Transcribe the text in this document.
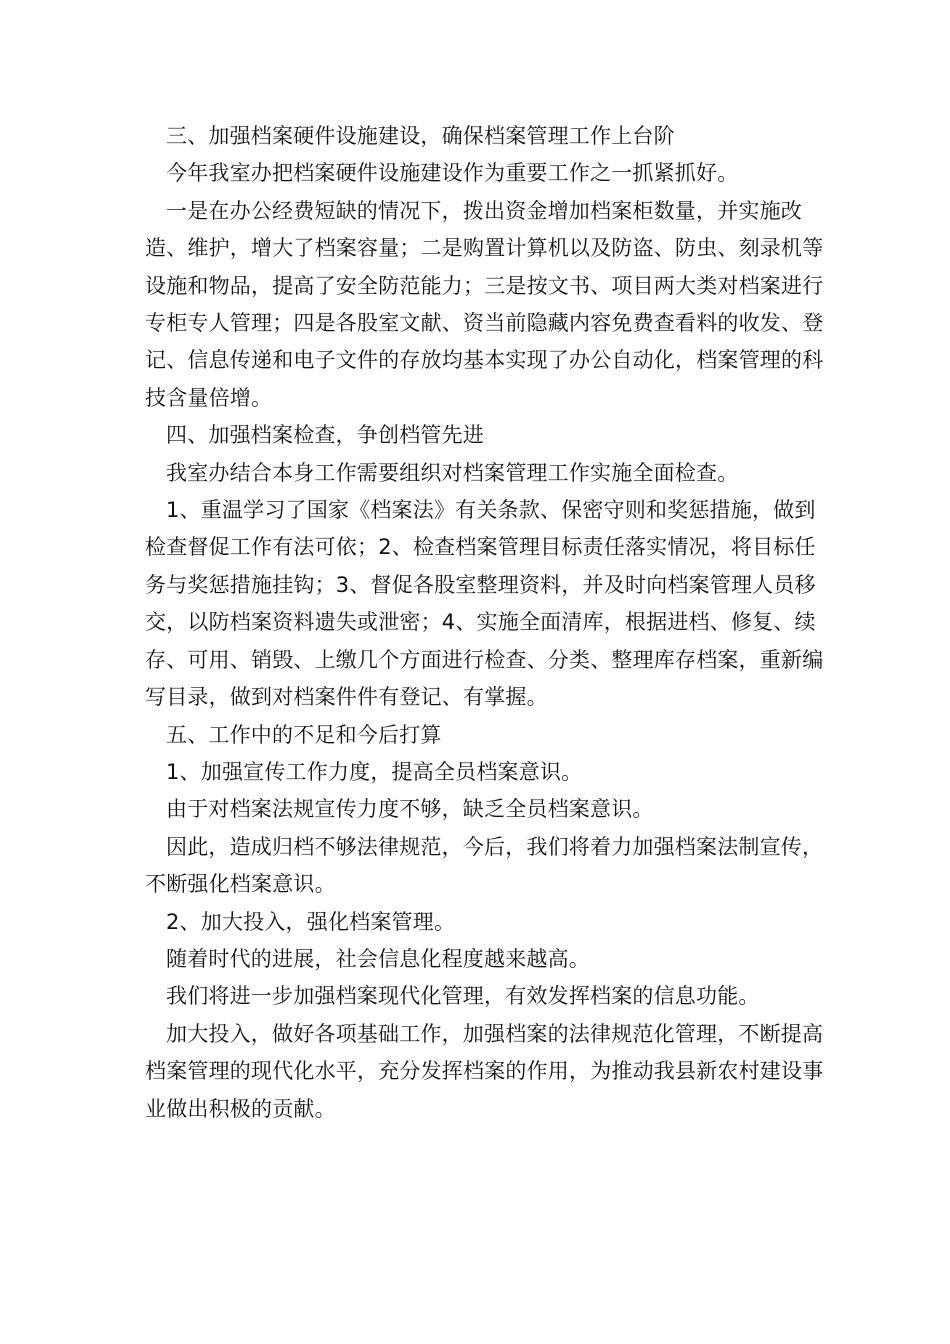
三、加强档案硬件设施建设，确保档案管理工作上台阶

今年我室办把档案硬件设施建设作为重要工作之一抓紧抓好。

一是在办公经费短缺的情况下，拨出资金增加档案柜数量，并实施改造、维护，增大了档案容量；二是购置计算机以及防盗、防虫、刻录机等设施和物品，提高了安全防范能力；三是按文书、项目两大类对档案进行专柜专人管理；四是各股室文献、资当前隐藏内容免费查看料的收发、登记、信息传递和电子文件的存放均基本实现了办公自动化，档案管理的科技含量倍增。

四、加强档案检查，争创档管先进

我室办结合本身工作需要组织对档案管理工作实施全面检查。

1、重温学习了国家《档案法》有关条款、保密守则和奖惩措施，做到检查督促工作有法可依；2、检查档案管理目标责任落实情况，将目标任务与奖惩措施挂钩；3、督促各股室整理资料，并及时向档案管理人员移交，以防档案资料遗失或泄密；4、实施全面清库，根据进档、修复、续存、可用、销毁、上缴几个方面进行检查、分类、整理库存档案，重新编写目录，做到对档案件件有登记、有掌握。

五、工作中的不足和今后打算

1、加强宣传工作力度，提高全员档案意识。

由于对档案法规宣传力度不够，缺乏全员档案意识。

因此，造成归档不够法律规范，今后，我们将着力加强档案法制宣传，不断强化档案意识。

2、加大投入，强化档案管理。

随着时代的进展，社会信息化程度越来越高。

我们将进一步加强档案现代化管理，有效发挥档案的信息功能。

加大投入，做好各项基础工作，加强档案的法律规范化管理，不断提高档案管理的现代化水平，充分发挥档案的作用，为推动我县新农村建设事业做出积极的贡献。
